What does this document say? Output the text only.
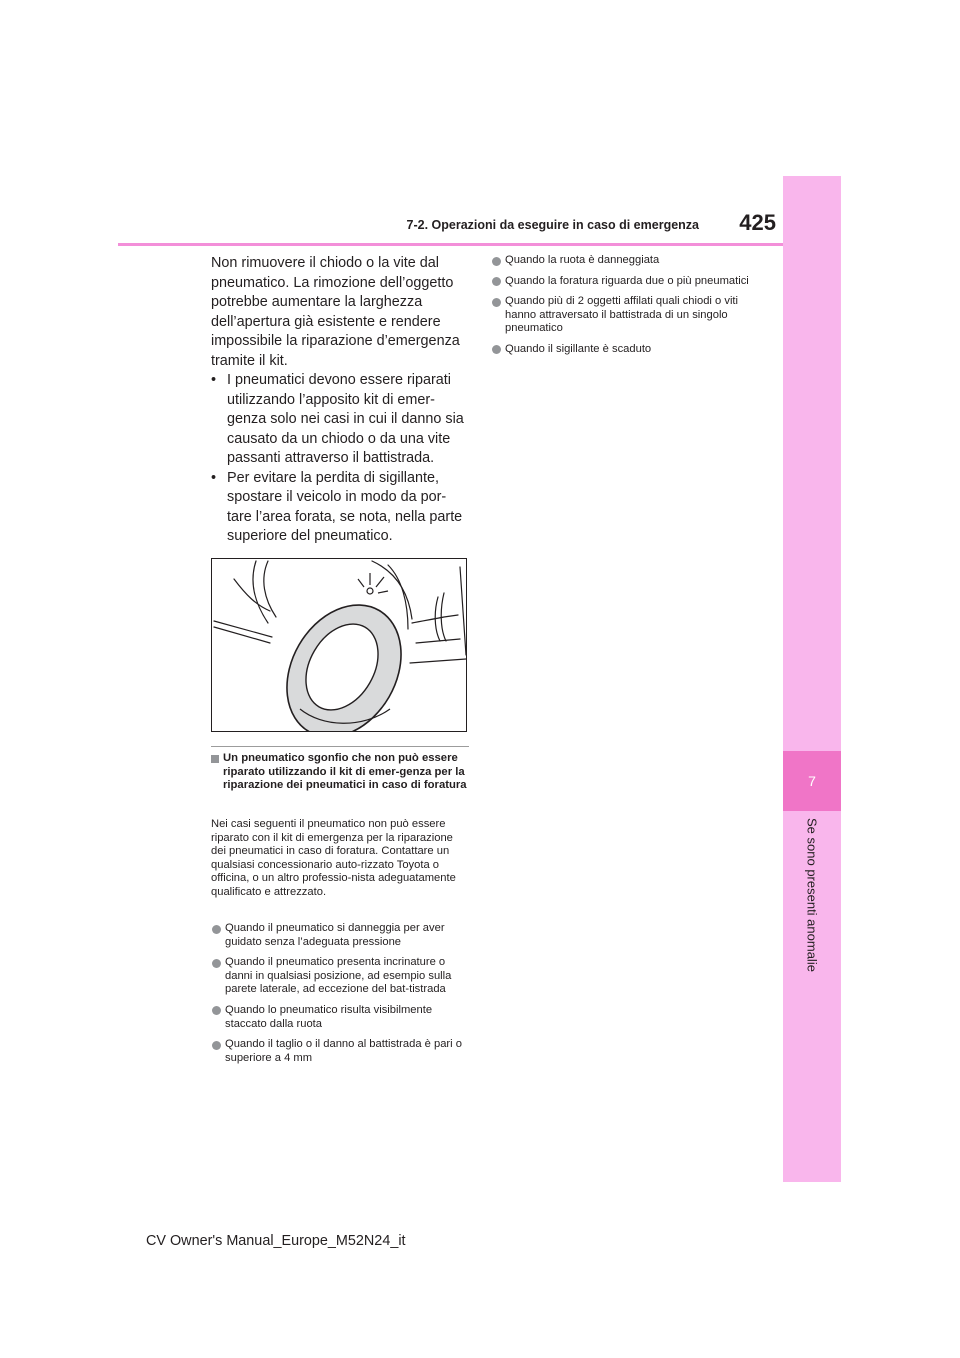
7
Se sono presenti anomalie
7-2. Operazioni da eseguire in caso di emergenza	425

Non rimuovere il chiodo o la vite dal pneumatico. La rimozione dell’oggetto potrebbe aumentare la larghezza dell’apertura già esistente e rendere impossibile la riparazione d’emergenza tramite il kit.

• I pneumatici devono essere riparati utilizzando l’apposito kit di emer-genza solo nei casi in cui il danno sia causato da un chiodo o da una vite passanti attraverso il battistrada.

• Per evitare la perdita di sigillante, spostare il veicolo in modo da por-tare l’area forata, se nota, nella parte superiore del pneumatico.

Un pneumatico sgonfio che non può essere riparato utilizzando il kit di emer-genza per la riparazione dei pneumatici in caso di foratura

Nei casi seguenti il pneumatico non può essere riparato con il kit di emergenza per la riparazione dei pneumatici in caso di foratura. Contattare un qualsiasi concessionario auto-rizzato Toyota o officina, o un altro professio-nista adeguatamente qualificato e attrezzato.

Quando il pneumatico si danneggia per aver guidato senza l’adeguata pressione
Quando il pneumatico presenta incrinature o danni in qualsiasi posizione, ad esempio sulla parete laterale, ad eccezione del bat-tistrada
Quando lo pneumatico risulta visibilmente staccato dalla ruota
Quando il taglio o il danno al battistrada è pari o superiore a 4 mm
Quando la ruota è danneggiata
Quando la foratura riguarda due o più pneumatici
Quando più di 2 oggetti affilati quali chiodi o viti hanno attraversato il battistrada di un singolo pneumatico
Quando il sigillante è scaduto
CV Owner's Manual_Europe_M52N24_it
